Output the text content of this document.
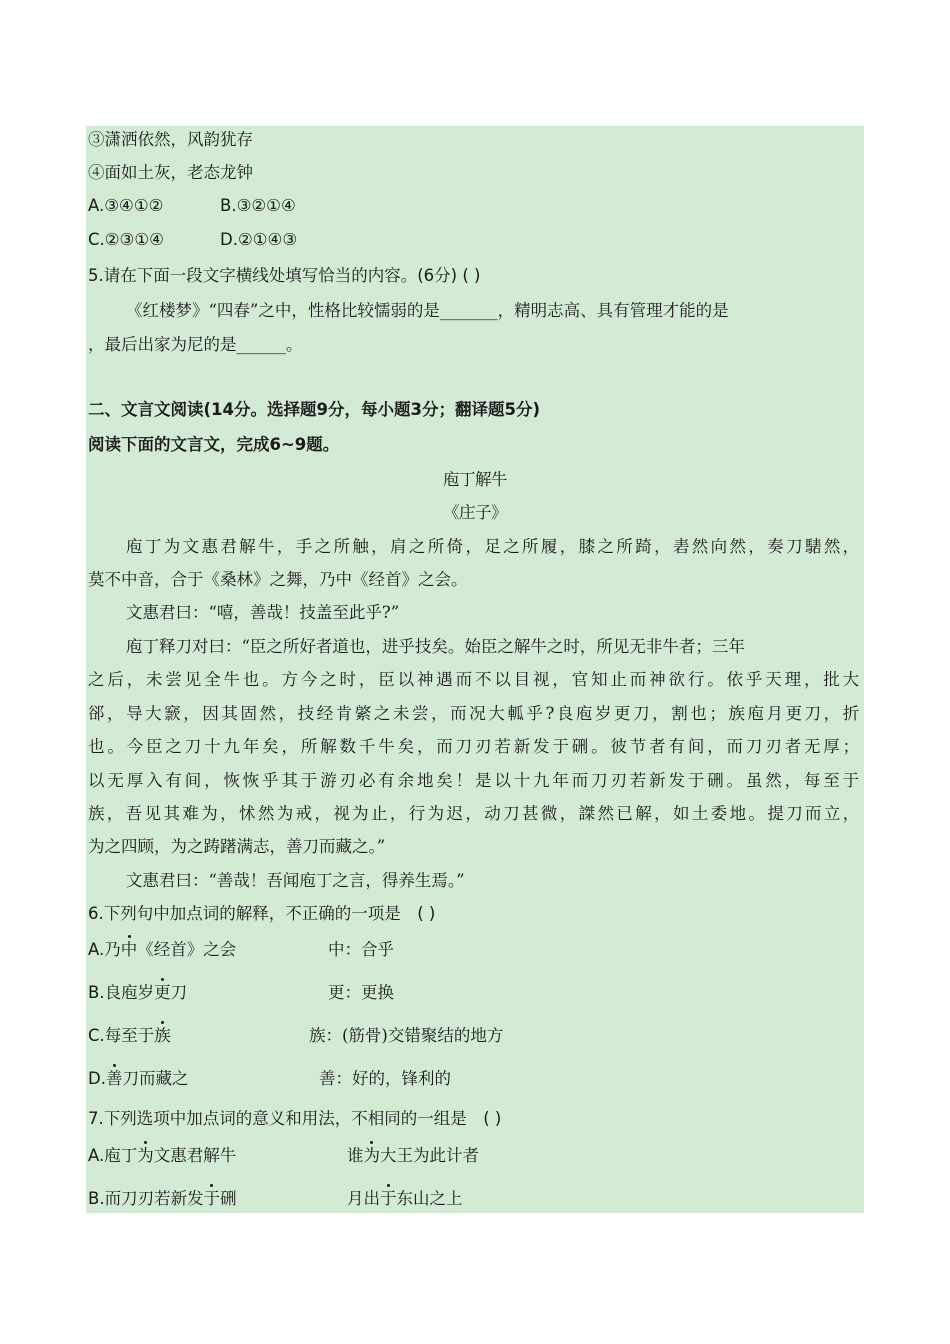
③潇洒依然，风韵犹存
④面如土灰，老态龙钟
A.③④①②	B.③②①④
C.②③①④	D.②①④③
5.请在下面一段文字横线处填写恰当的内容。(6分) ( )
《红楼梦》“四春”之中，性格比较懦弱的是_______，精明志高、具有管理才能的是
，最后出家为尼的是______。
二、文言文阅读(14分。选择题9分，每小题3分；翻译题5分)
阅读下面的文言文，完成6~9题。
庖丁解牛
《庄子》
庖丁为文惠君解牛，手之所触，肩之所倚，足之所履，膝之所踦，砉然向然，奏刀騞然，
莫不中音，合于《桑林》之舞，乃中《经首》之会。
文惠君曰：“嘻，善哉！技盖至此乎?”
庖丁释刀对曰：“臣之所好者道也，进乎技矣。始臣之解牛之时，所见无非牛者；三年
之后，未尝见全牛也。方今之时，臣以神遇而不以目视，官知止而神欲行。依乎天理，批大
郤，导大窾，因其固然，技经肯綮之未尝，而况大軱乎?良庖岁更刀，割也；族庖月更刀，折
也。今臣之刀十九年矣，所解数千牛矣，而刀刃若新发于硎。彼节者有间，而刀刃者无厚；
以无厚入有间，恢恢乎其于游刃必有余地矣！是以十九年而刀刃若新发于硎。虽然，每至于
族，吾见其难为，怵然为戒，视为止，行为迟，动刀甚微，謋然已解，如土委地。提刀而立，
为之四顾，为之踌躇满志，善刀而藏之。”
文惠君曰：“善哉！吾闻庖丁之言，得养生焉。”
6.下列句中加点词的解释，不正确的一项是　( )
A.乃中《经首》之会	中：合乎
B.良庖岁更刀	更：更换
C.每至于族	族：(筋骨)交错聚结的地方
D.善刀而藏之	善：好的，锋利的
7.下列选项中加点词的意义和用法，不相同的一组是　( )
A.庖丁为文惠君解牛	谁为大王为此计者
B.而刀刃若新发于硎	月出于东山之上
